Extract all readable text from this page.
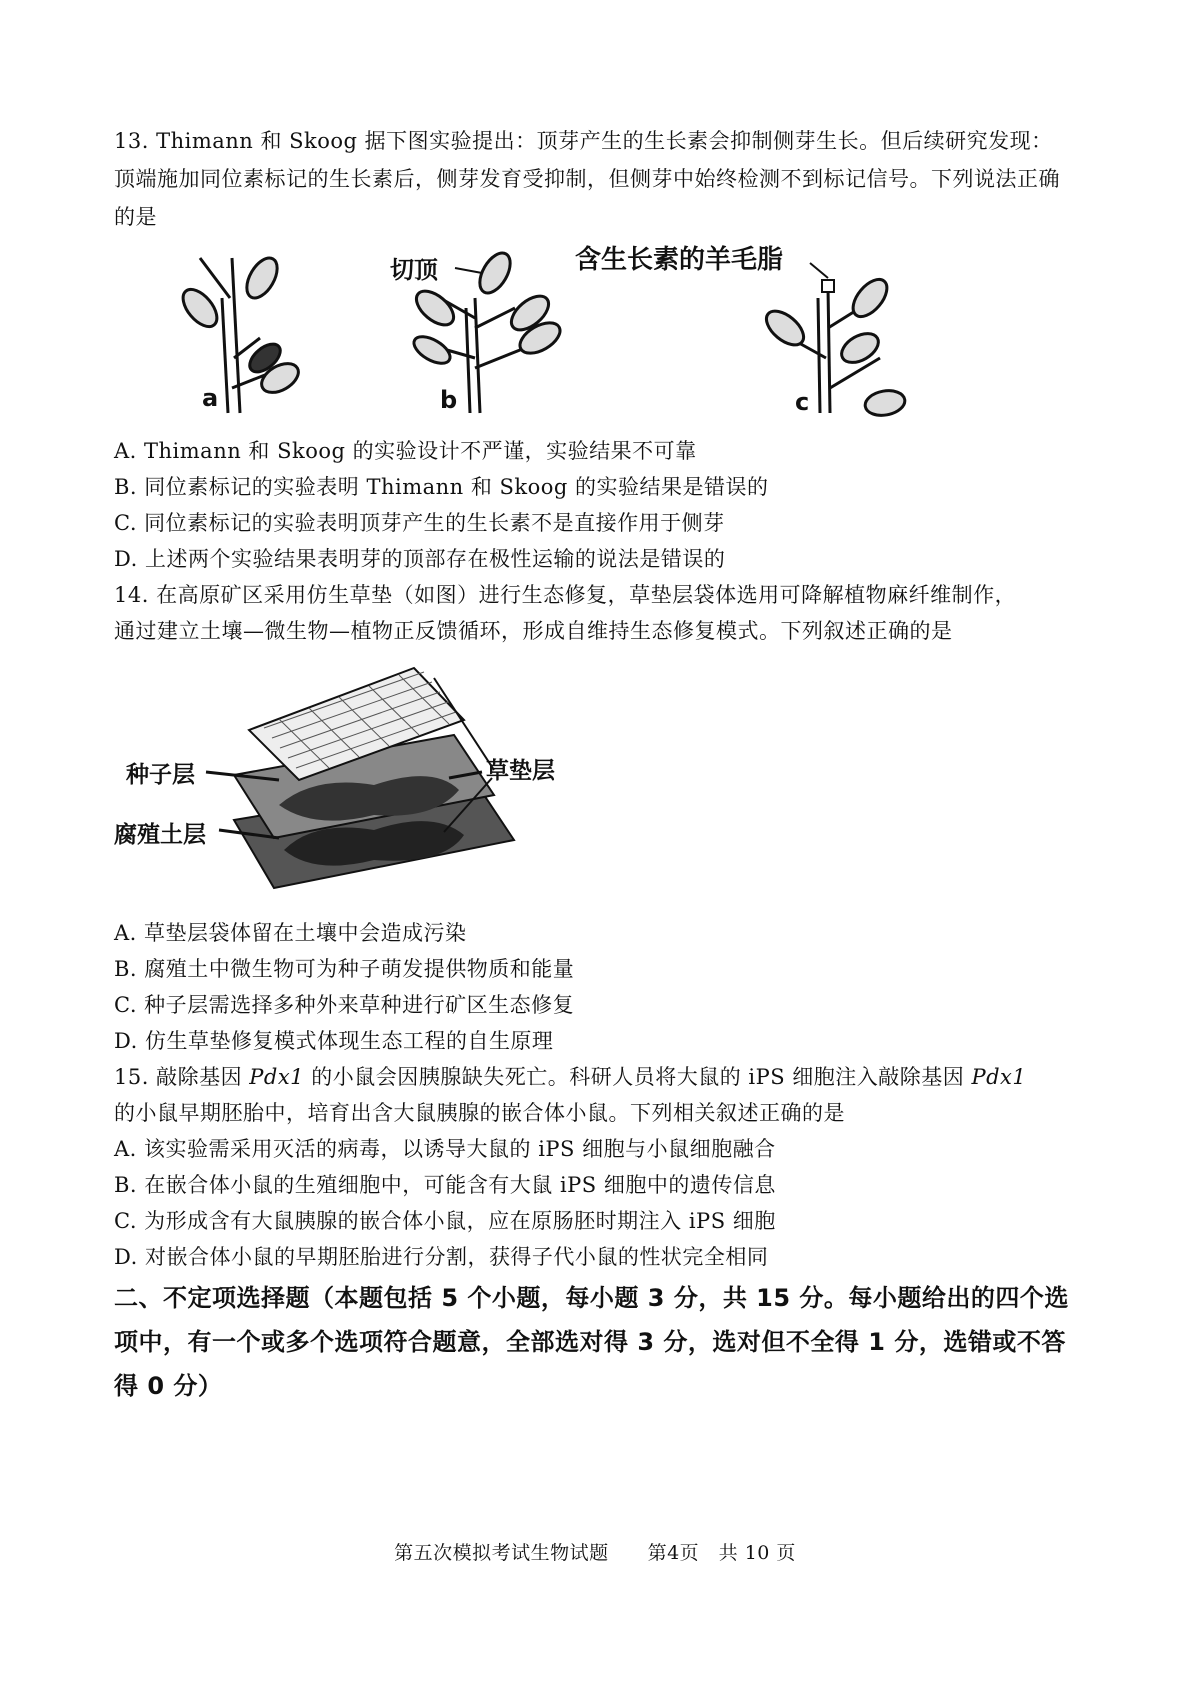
13. Thimann 和 Skoog 据下图实验提出：顶芽产生的生长素会抑制侧芽生长。但后续研究发现：顶端施加同位素标记的生长素后，侧芽发育受抑制，但侧芽中始终检测不到标记信号。下列说法正确的是
a
切顶
b
含生长素的羊毛脂
c
A. Thimann 和 Skoog 的实验设计不严谨，实验结果不可靠
B. 同位素标记的实验表明 Thimann 和 Skoog 的实验结果是错误的
C. 同位素标记的实验表明顶芽产生的生长素不是直接作用于侧芽
D. 上述两个实验结果表明芽的顶部存在极性运输的说法是错误的
14. 在高原矿区采用仿生草垫（如图）进行生态修复，草垫层袋体选用可降解植物麻纤维制作，
通过建立土壤—微生物—植物正反馈循环，形成自维持生态修复模式。下列叙述正确的是
种子层
腐殖土层
草垫层
A. 草垫层袋体留在土壤中会造成污染
B. 腐殖土中微生物可为种子萌发提供物质和能量
C. 种子层需选择多种外来草种进行矿区生态修复
D. 仿生草垫修复模式体现生态工程的自生原理
15. 敲除基因 Pdx1 的小鼠会因胰腺缺失死亡。科研人员将大鼠的 iPS 细胞注入敲除基因 Pdx1
的小鼠早期胚胎中，培育出含大鼠胰腺的嵌合体小鼠。下列相关叙述正确的是
A. 该实验需采用灭活的病毒，以诱导大鼠的 iPS 细胞与小鼠细胞融合
B. 在嵌合体小鼠的生殖细胞中，可能含有大鼠 iPS 细胞中的遗传信息
C. 为形成含有大鼠胰腺的嵌合体小鼠，应在原肠胚时期注入 iPS 细胞
D. 对嵌合体小鼠的早期胚胎进行分割，获得子代小鼠的性状完全相同
二、不定项选择题（本题包括 5 个小题，每小题 3 分，共 15 分。每小题给出的四个选项中，有一个或多个选项符合题意，全部选对得 3 分，选对但不全得 1 分，选错或不答得 0 分）
第五次模拟考试生物试题　　第4页　共 10 页
